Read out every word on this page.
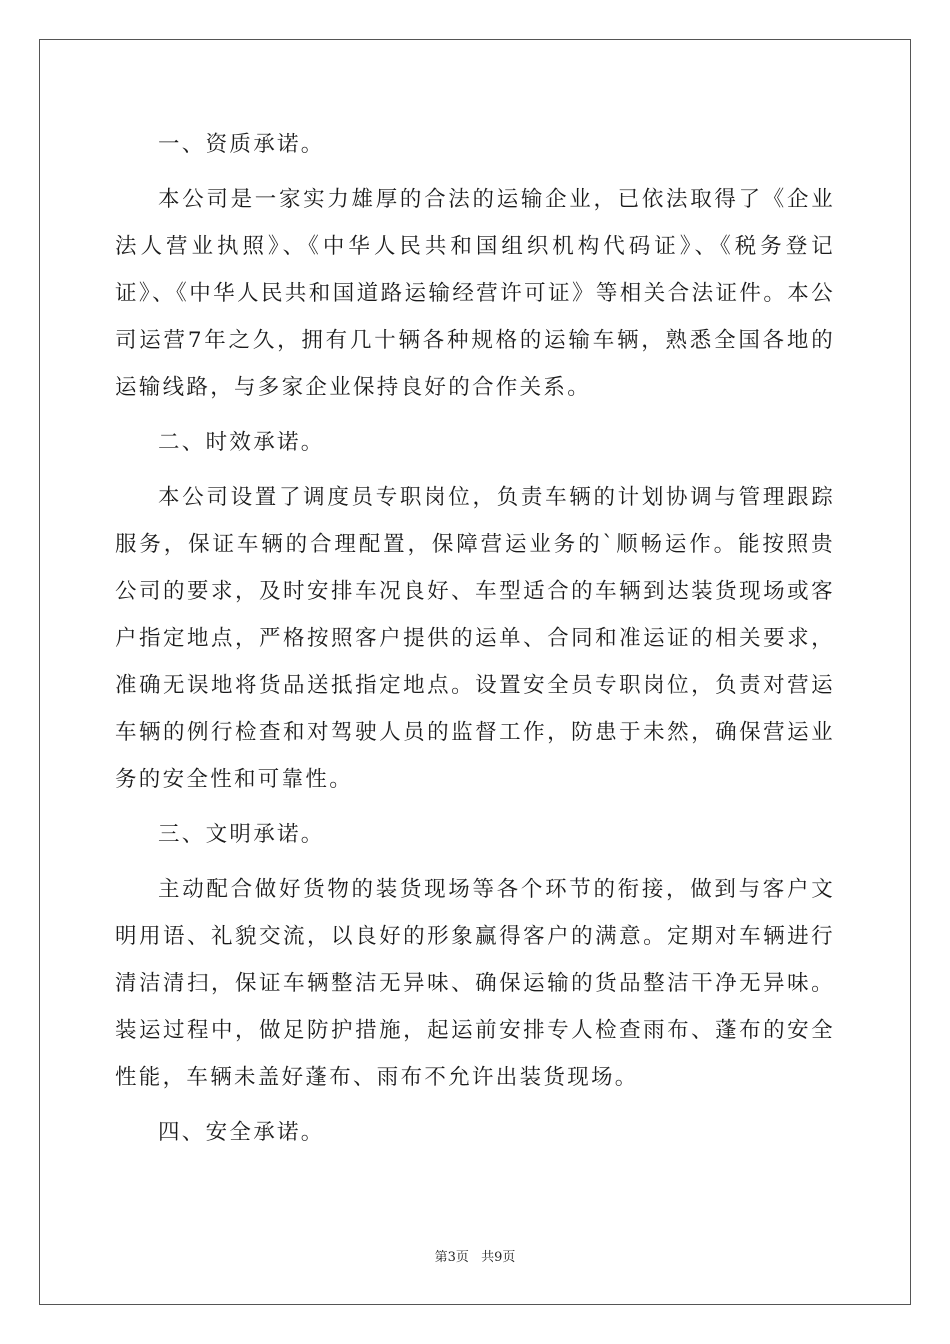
一、资质承诺。

本公司是一家实力雄厚的合法的运输企业，已依法取得了《企业法人营业执照》、《中华人民共和国组织机构代码证》、《税务登记证》、《中华人民共和国道路运输经营许可证》等相关合法证件。本公司运营7年之久，拥有几十辆各种规格的运输车辆，熟悉全国各地的运输线路，与多家企业保持良好的合作关系。

二、时效承诺。

本公司设置了调度员专职岗位，负责车辆的计划协调与管理跟踪服务，保证车辆的合理配置，保障营运业务的`顺畅运作。能按照贵公司的要求，及时安排车况良好、车型适合的车辆到达装货现场或客户指定地点，严格按照客户提供的运单、合同和准运证的相关要求，准确无误地将货品送抵指定地点。设置安全员专职岗位，负责对营运车辆的例行检查和对驾驶人员的监督工作，防患于未然，确保营运业务的安全性和可靠性。

三、文明承诺。

主动配合做好货物的装货现场等各个环节的衔接，做到与客户文明用语、礼貌交流，以良好的形象赢得客户的满意。定期对车辆进行清洁清扫，保证车辆整洁无异味、确保运输的货品整洁干净无异味。装运过程中，做足防护措施，起运前安排专人检查雨布、蓬布的安全性能，车辆未盖好蓬布、雨布不允许出装货现场。

四、安全承诺。

第3页 共9页
